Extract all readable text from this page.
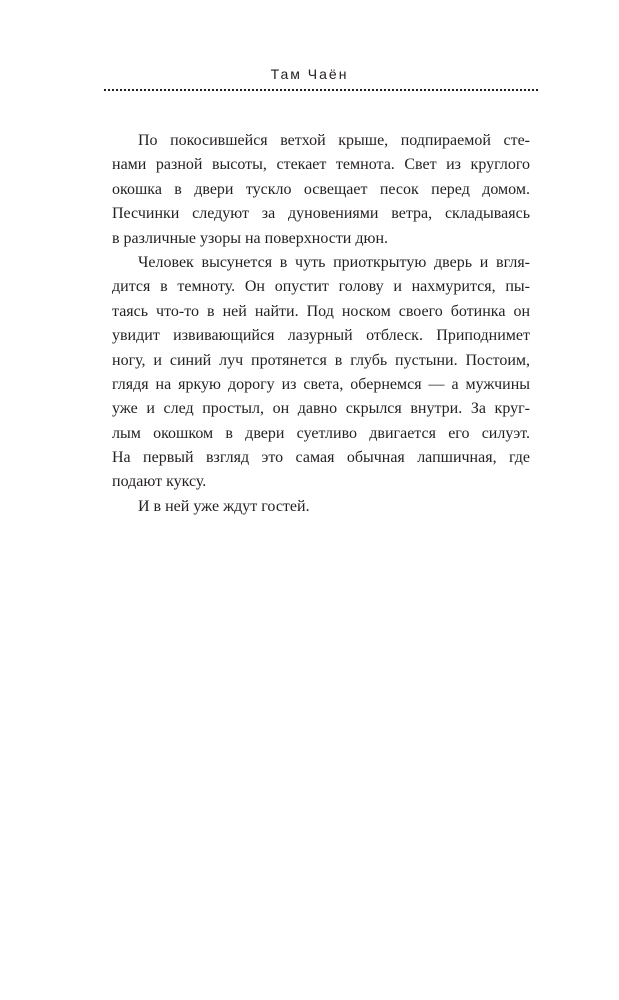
Там Чаён
По покосившейся ветхой крыше, подпираемой сте-
нами разной высоты, стекает темнота. Свет из круглого
окошка в двери тускло освещает песок перед домом.
Песчинки следуют за дуновениями ветра, складываясь
в различные узоры на поверхности дюн.
Человек высунется в чуть приоткрытую дверь и вгля-
дится в темноту. Он опустит голову и нахмурится, пы-
таясь что-то в ней найти. Под носком своего ботинка он
увидит извивающийся лазурный отблеск. Приподнимет
ногу, и синий луч протянется в глубь пустыни. Постоим,
глядя на яркую дорогу из света, обернемся — а мужчины
уже и след простыл, он давно скрылся внутри. За круг-
лым окошком в двери суетливо двигается его силуэт.
На первый взгляд это самая обычная лапшичная, где
подают куксу.
И в ней уже ждут гостей.
